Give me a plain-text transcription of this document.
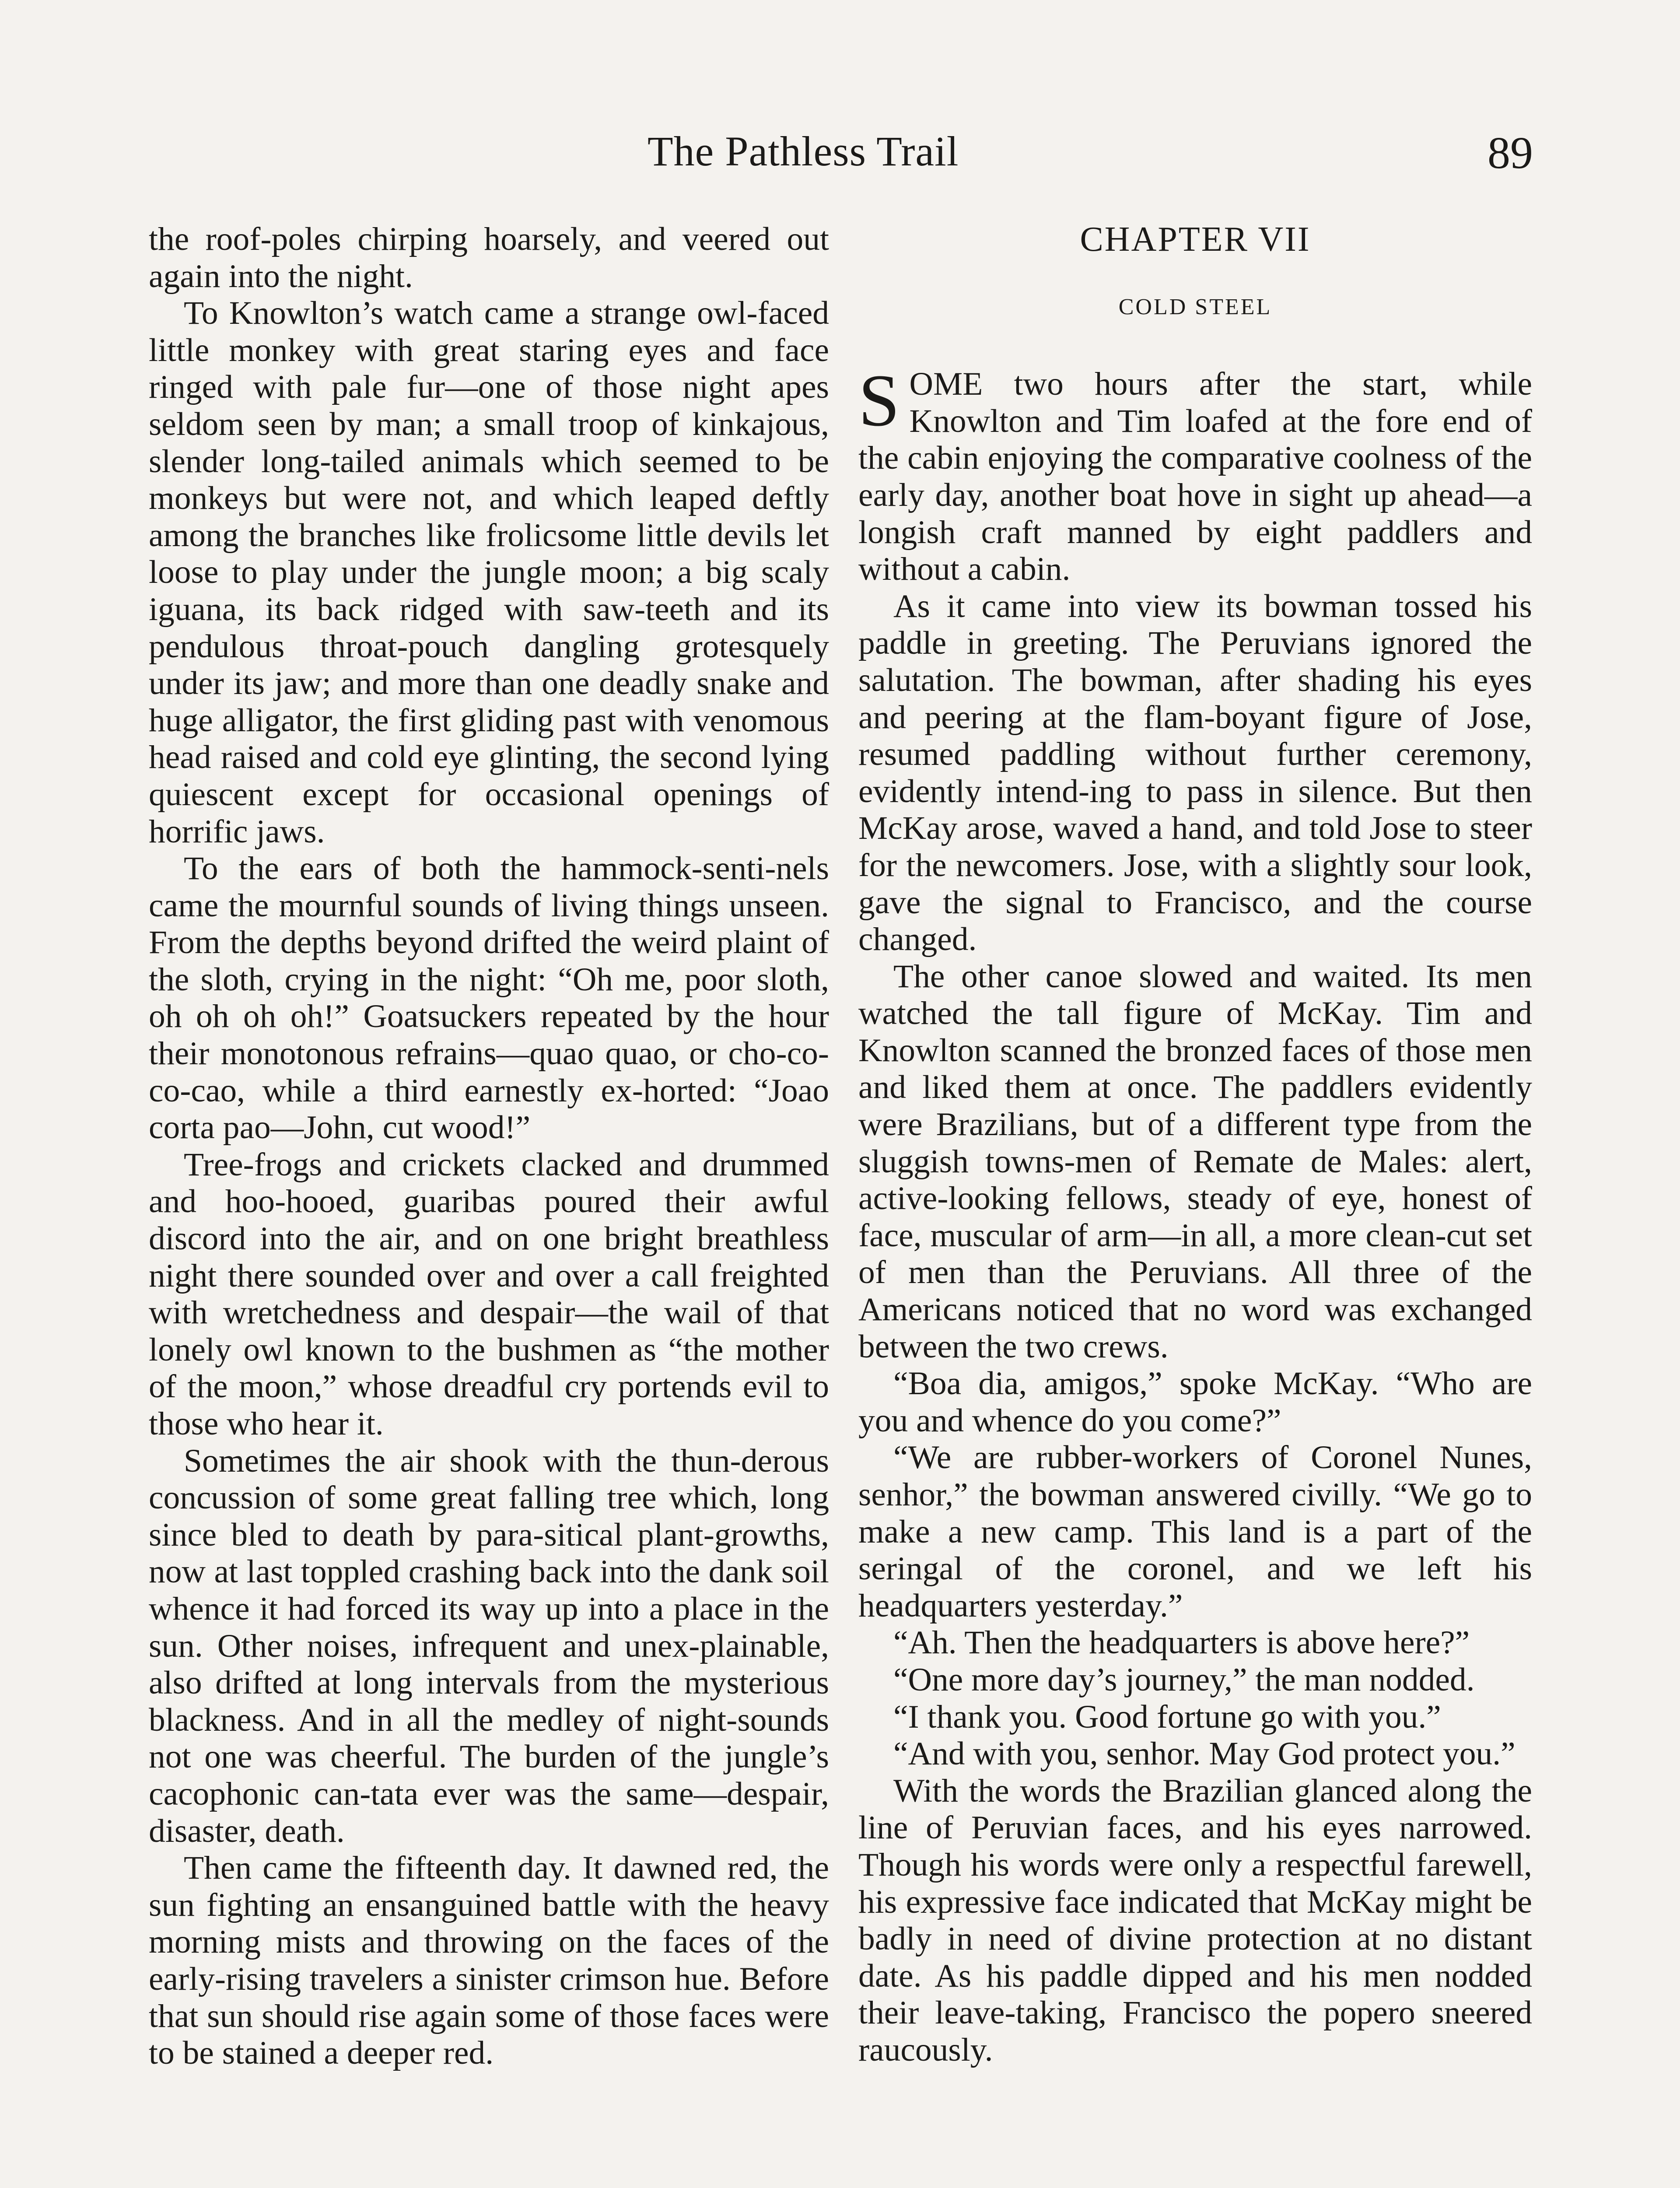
The Pathless Trail	89

the roof-poles chirping hoarsely, and veered out again into the night.

To Knowlton’s watch came a strange owl-faced little monkey with great staring eyes and face ringed with pale fur—one of those night apes seldom seen by man; a small troop of kinkajous, slender long-tailed animals which seemed to be monkeys but were not, and which leaped deftly among the branches like frolicsome little devils let loose to play under the jungle moon; a big scaly iguana, its back ridged with saw-teeth and its pendulous throat-pouch dangling grotesquely under its jaw; and more than one deadly snake and huge alligator, the first gliding past with venomous head raised and cold eye glinting, the second lying quiescent except for occasional openings of horrific jaws.

To the ears of both the hammock-senti-nels came the mournful sounds of living things unseen. From the depths beyond drifted the weird plaint of the sloth, crying in the night: “Oh me, poor sloth, oh oh oh oh!” Goatsuckers repeated by the hour their monotonous refrains—quao quao, or cho-co-co-cao, while a third earnestly ex-horted: “Joao corta pao—John, cut wood!”

Tree-frogs and crickets clacked and drummed and hoo-hooed, guaribas poured their awful discord into the air, and on one bright breathless night there sounded over and over a call freighted with wretchedness and despair—the wail of that lonely owl known to the bushmen as “the mother of the moon,” whose dreadful cry portends evil to those who hear it.

Sometimes the air shook with the thun-derous concussion of some great falling tree which, long since bled to death by para-sitical plant-growths, now at last toppled crashing back into the dank soil whence it had forced its way up into a place in the sun. Other noises, infrequent and unex-plainable, also drifted at long intervals from the mysterious blackness. And in all the medley of night-sounds not one was cheerful. The burden of the jungle’s cacophonic can-tata ever was the same—despair, disaster, death.

Then came the fifteenth day. It dawned red, the sun fighting an ensanguined battle with the heavy morning mists and throwing on the faces of the early-rising travelers a sinister crimson hue. Before that sun should rise again some of those faces were to be stained a deeper red.

CHAPTER VII
COLD STEEL

SOME two hours after the start, while Knowlton and Tim loafed at the fore end of the cabin enjoying the comparative coolness of the early day, another boat hove in sight up ahead—a longish craft manned by eight paddlers and without a cabin.

As it came into view its bowman tossed his paddle in greeting. The Peruvians ignored the salutation. The bowman, after shading his eyes and peering at the flam-boyant figure of Jose, resumed paddling without further ceremony, evidently intend-ing to pass in silence. But then McKay arose, waved a hand, and told Jose to steer for the newcomers. Jose, with a slightly sour look, gave the signal to Francisco, and the course changed.

The other canoe slowed and waited. Its men watched the tall figure of McKay. Tim and Knowlton scanned the bronzed faces of those men and liked them at once. The paddlers evidently were Brazilians, but of a different type from the sluggish towns-men of Remate de Males: alert, active-looking fellows, steady of eye, honest of face, muscular of arm—in all, a more clean-cut set of men than the Peruvians. All three of the Americans noticed that no word was exchanged between the two crews.

“Boa dia, amigos,” spoke McKay. “Who are you and whence do you come?”

“We are rubber-workers of Coronel Nunes, senhor,” the bowman answered civilly. “We go to make a new camp. This land is a part of the seringal of the coronel, and we left his headquarters yesterday.”

“Ah. Then the headquarters is above here?”

“One more day’s journey,” the man nodded.

“I thank you. Good fortune go with you.”

“And with you, senhor. May God protect you.”

With the words the Brazilian glanced along the line of Peruvian faces, and his eyes narrowed. Though his words were only a respectful farewell, his expressive face indicated that McKay might be badly in need of divine protection at no distant date. As his paddle dipped and his men nodded their leave-taking, Francisco the popero sneered raucously.
